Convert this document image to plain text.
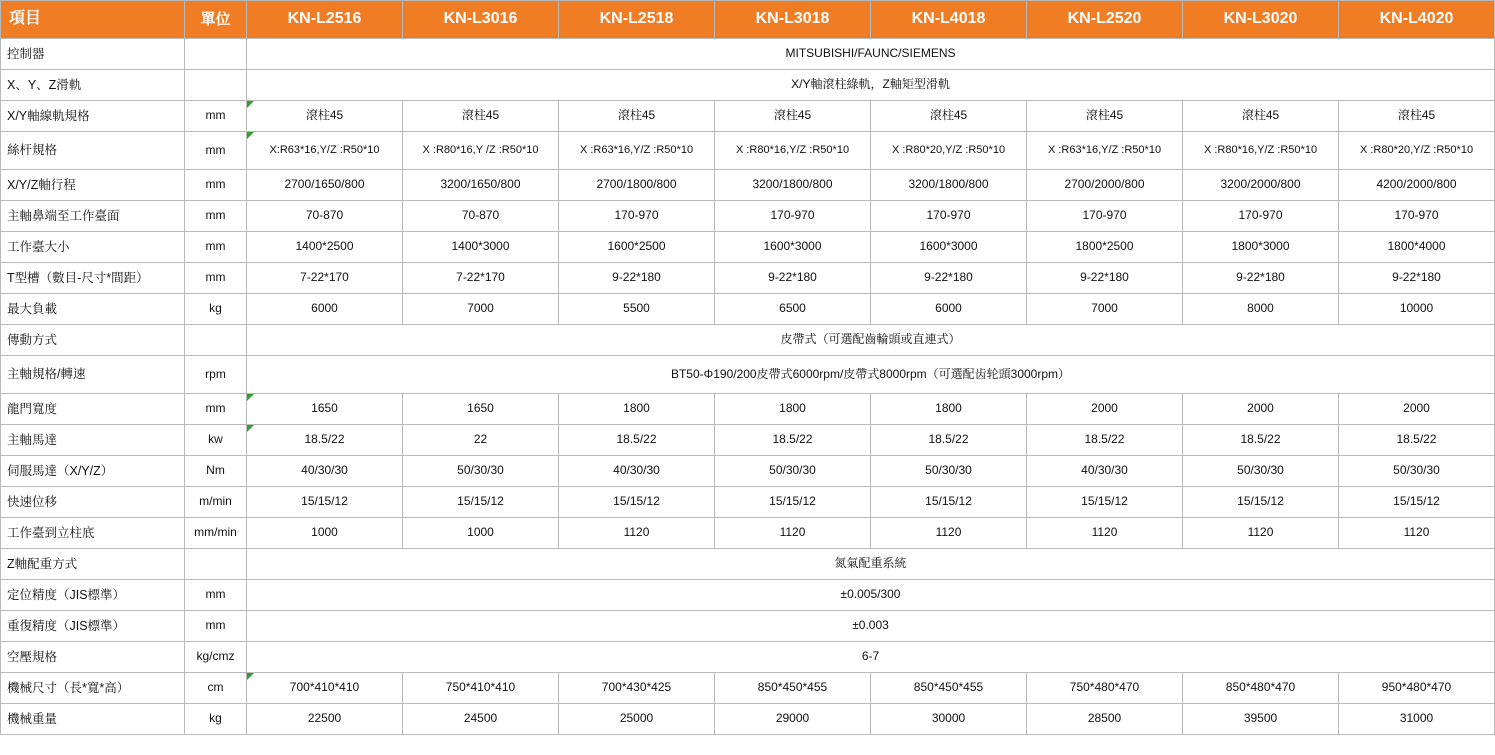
項目	單位	KN-L2516	KN-L3016	KN-L2518	KN-L3018	KN-L4018	KN-L2520	KN-L3020	KN-L4020
控制器		MITSUBISHI/FAUNC/SIEMENS							
X、Y、Z滑軌		X/Y軸滾柱綠軌，Z軸矩型滑軌							
X/Y軸線軌規格	mm	滾柱45	滾柱45	滾柱45	滾柱45	滾柱45	滾柱45	滾柱45	滾柱45
絲杆規格	mm	X:R63*16,Y/Z :R50*10	X :R80*16,Y /Z :R50*10	X :R63*16,Y/Z :R50*10	X :R80*16,Y/Z :R50*10	X :R80*20,Y/Z :R50*10	X :R63*16,Y/Z :R50*10	X :R80*16,Y/Z :R50*10	X :R80*20,Y/Z :R50*10
X/Y/Z軸行程	mm	2700/1650/800	3200/1650/800	2700/1800/800	3200/1800/800	3200/1800/800	2700/2000/800	3200/2000/800	4200/2000/800
主軸鼻端至工作臺面	mm	70-870	70-870	170-970	170-970	170-970	170-970	170-970	170-970
工作臺大小	mm	1400*2500	1400*3000	1600*2500	1600*3000	1600*3000	1800*2500	1800*3000	1800*4000
T型槽（數目-尺寸*間距）	mm	7-22*170	7-22*170	9-22*180	9-22*180	9-22*180	9-22*180	9-22*180	9-22*180
最大負載	kg	6000	7000	5500	6500	6000	7000	8000	10000
傳動方式		皮帶式（可選配齒輪頭或直連式）							
主軸規格/轉速	rpm	BT50-Φ190/200皮帶式6000rpm/皮帶式8000rpm（可選配齿轮頭3000rpm）							
龍門寬度	mm	1650	1650	1800	1800	1800	2000	2000	2000
主軸馬達	kw	18.5/22	22	18.5/22	18.5/22	18.5/22	18.5/22	18.5/22	18.5/22
伺服馬達（X/Y/Z）	Nm	40/30/30	50/30/30	40/30/30	50/30/30	50/30/30	40/30/30	50/30/30	50/30/30
快速位移	m/min	15/15/12	15/15/12	15/15/12	15/15/12	15/15/12	15/15/12	15/15/12	15/15/12
工作臺到立柱底	mm/min	1000	1000	1120	1120	1120	1120	1120	1120
Z軸配重方式		氮氣配重系統							
定位精度（JIS標準）	mm	±0.005/300							
重復精度（JIS標準）	mm	±0.003							
空壓規格	kg/cmz	6-7							
機械尺寸（長*寬*高）	cm	700*410*410	750*410*410	700*430*425	850*450*455	850*450*455	750*480*470	850*480*470	950*480*470
機械重量	kg	22500	24500	25000	29000	30000	28500	39500	31000
